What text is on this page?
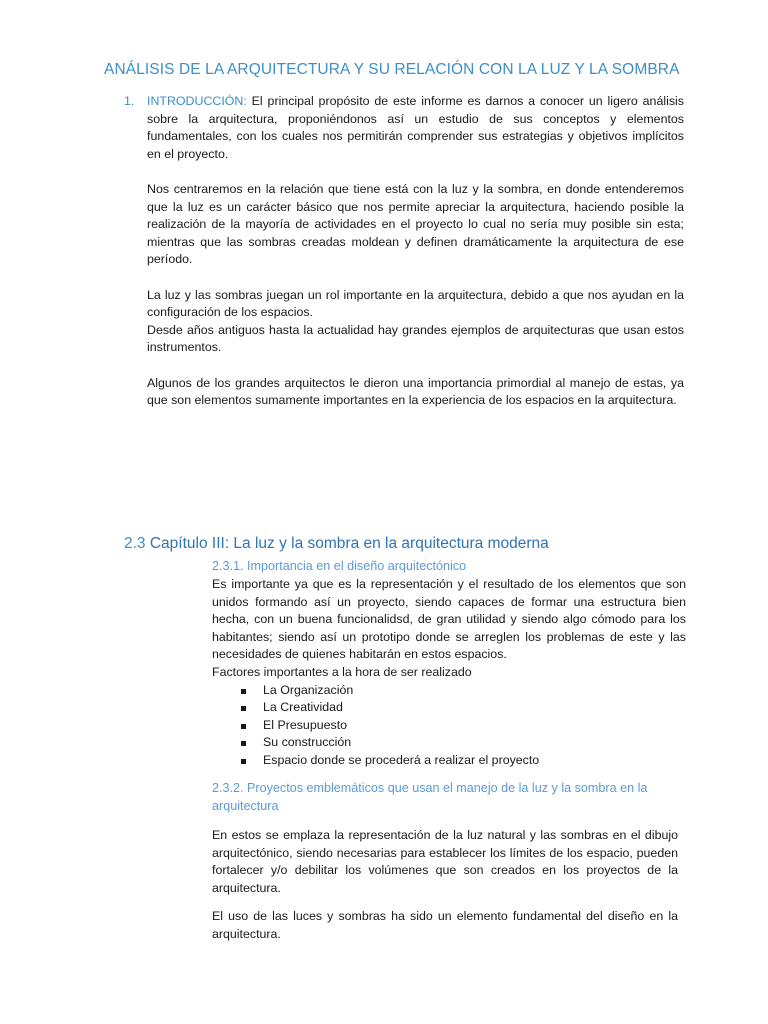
ANÁLISIS DE LA ARQUITECTURA Y SU RELACIÓN CON LA LUZ Y LA SOMBRA
1. INTRODUCCIÓN: El principal propósito de este informe es darnos a conocer un ligero análisis sobre la arquitectura, proponiéndonos así un estudio de sus conceptos y elementos fundamentales, con los cuales nos permitirán comprender sus estrategias y objetivos implícitos en el proyecto.

Nos centraremos en la relación que tiene está con la luz y la sombra, en donde entenderemos que la luz es un carácter básico que nos permite apreciar la arquitectura, haciendo posible la realización de la mayoría de actividades en el proyecto lo cual no sería muy posible sin esta; mientras que las sombras creadas moldean y definen dramáticamente la arquitectura de ese período.

La luz y las sombras juegan un rol importante en la arquitectura, debido a que nos ayudan en la configuración de los espacios.

Desde años antiguos hasta la actualidad hay grandes ejemplos de arquitecturas que usan estos instrumentos.

Algunos de los grandes arquitectos le dieron una importancia primordial al manejo de estas, ya que son elementos sumamente importantes en la experiencia de los espacios en la arquitectura.

2.3 Capítulo III: La luz y la sombra en la arquitectura moderna
2.3.1. Importancia en el diseño arquitectónico

Es importante ya que es la representación y el resultado de los elementos que son unidos formando así un proyecto, siendo capaces de formar una estructura bien hecha, con un buena funcionalidsd, de gran utilidad y siendo algo cómodo para los habitantes; siendo así un prototipo donde se arreglen los problemas de este y las necesidades de quienes habitarán en estos espacios.

Factores importantes a la hora de ser realizado
La Organización
La Creatividad
El Presupuesto
Su construcción
Espacio donde se procederá a realizar el proyecto
2.3.2. Proyectos emblemáticos que usan el manejo de la luz y la sombra en la arquitectura

En estos se emplaza la representación de la luz natural y las sombras en el dibujo arquitectónico, siendo necesarias para establecer los límites de los espacio, pueden fortalecer y/o debilitar los volúmenes que son creados en los proyectos de la arquitectura.

El uso de las luces y sombras ha sido un elemento fundamental del diseño en la arquitectura.
